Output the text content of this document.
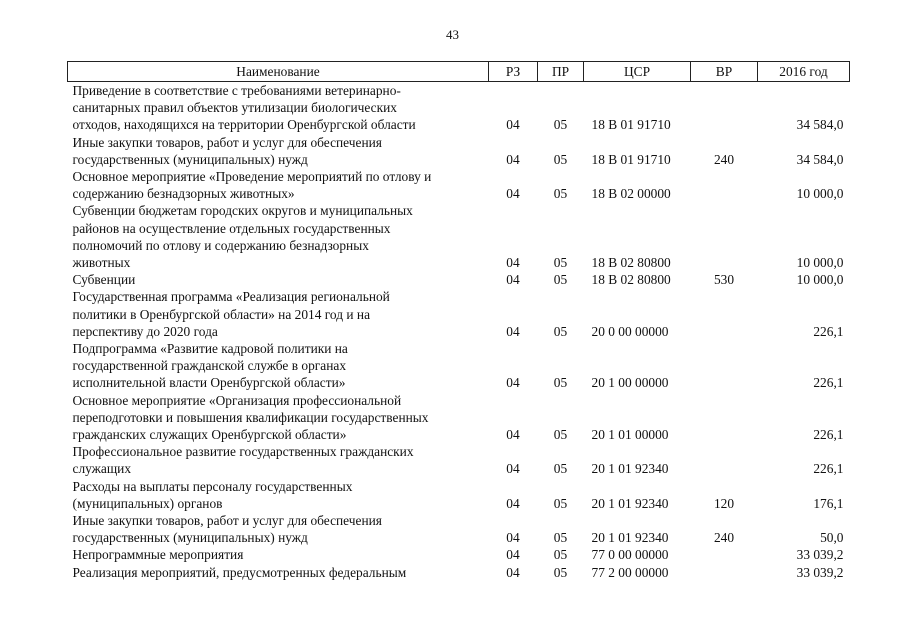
43
Наименование	РЗ	ПР	ЦСР	ВР	2016 год
Приведение в соответствие с требованиями ветеринарно-
санитарных правил объектов утилизации биологических
отходов, находящихся на территории Оренбургской области	04	05	18 В 01 91710		34 584,0
Иные закупки товаров, работ и услуг для обеспечения
государственных (муниципальных) нужд	04	05	18 В 01 91710	240	34 584,0
Основное мероприятие «Проведение мероприятий по отлову и
содержанию безнадзорных животных»	04	05	18 В 02 00000		10 000,0
Субвенции бюджетам городских округов и муниципальных
районов на осуществление отдельных государственных
полномочий по отлову и содержанию безнадзорных
животных	04	05	18 В 02 80800		10 000,0
Субвенции	04	05	18 В 02 80800	530	10 000,0
Государственная программа «Реализация региональной
политики в Оренбургской области» на 2014 год и на
перспективу до 2020 года	04	05	20 0 00 00000		226,1
Подпрограмма «Развитие кадровой политики на
государственной гражданской службе в органах
исполнительной власти Оренбургской области»	04	05	20 1 00 00000		226,1
Основное мероприятие «Организация профессиональной
переподготовки и повышения квалификации государственных
гражданских служащих Оренбургской области»	04	05	20 1 01 00000		226,1
Профессиональное развитие государственных гражданских
служащих	04	05	20 1 01 92340		226,1
Расходы на выплаты персоналу государственных
(муниципальных) органов	04	05	20 1 01 92340	120	176,1
Иные закупки товаров, работ и услуг для обеспечения
государственных (муниципальных) нужд	04	05	20 1 01 92340	240	50,0
Непрограммные мероприятия	04	05	77 0 00 00000		33 039,2
Реализация мероприятий, предусмотренных федеральным	04	05	77 2 00 00000		33 039,2
